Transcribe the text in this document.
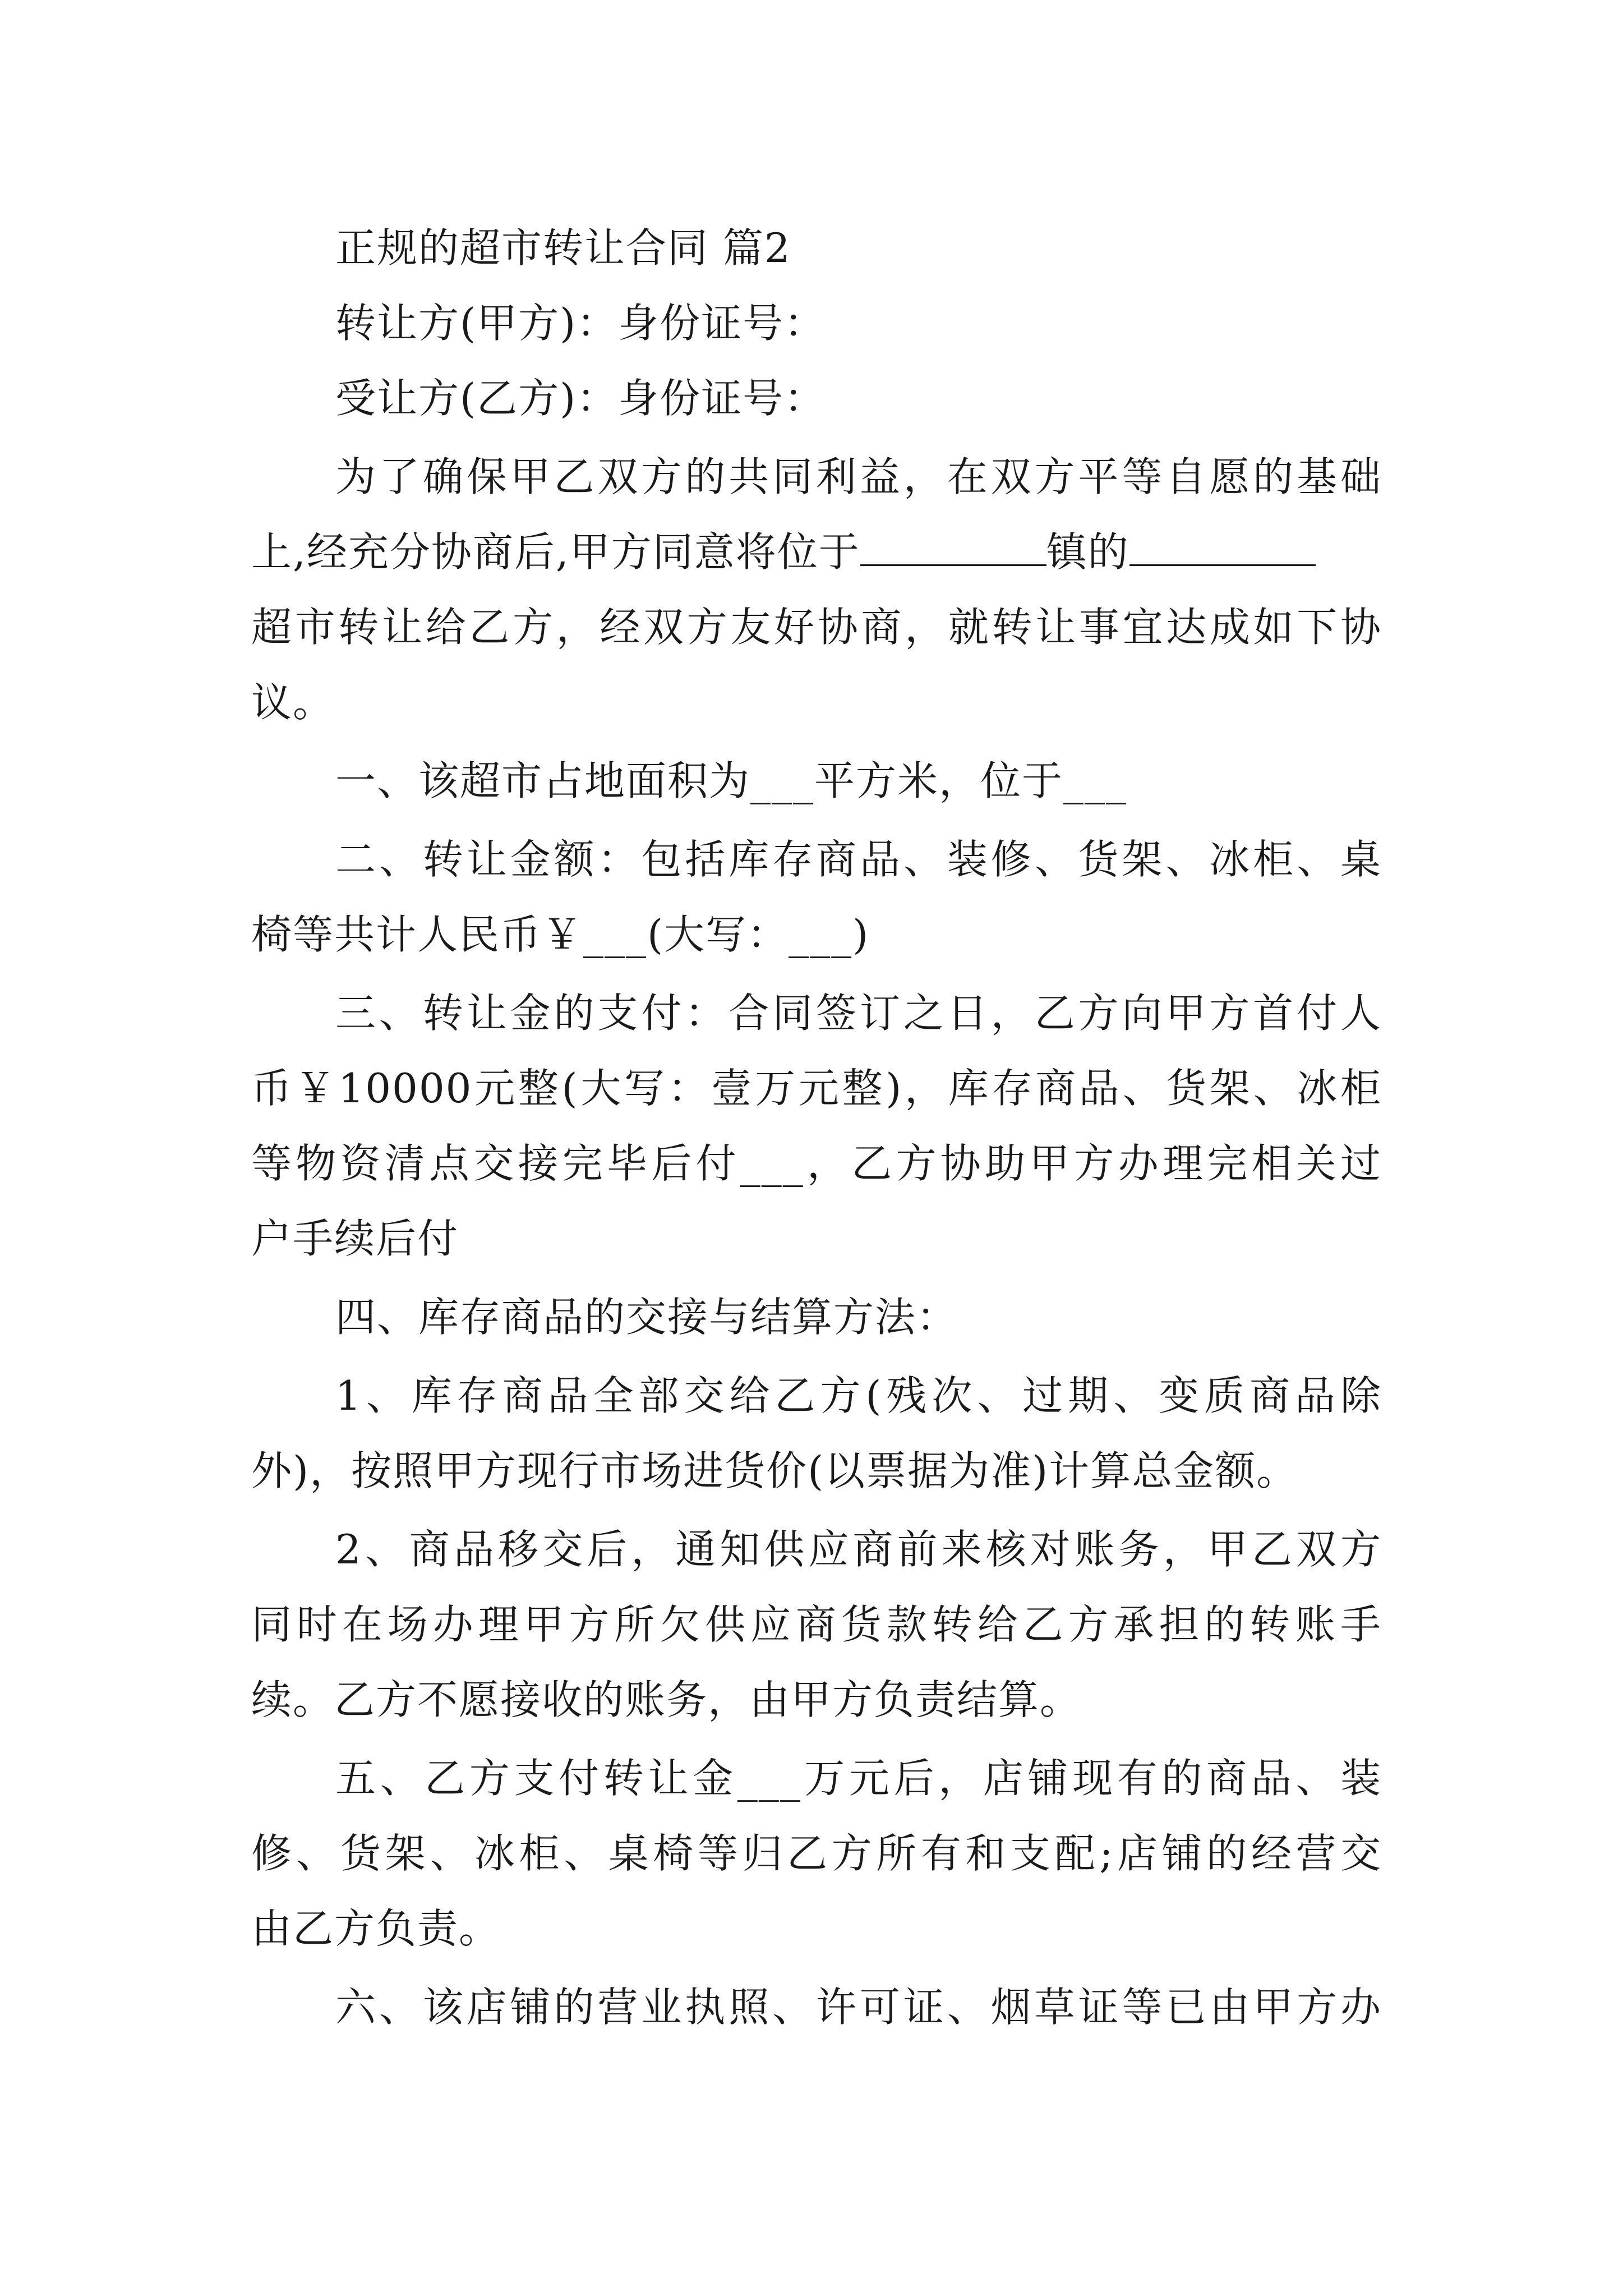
正规的超市转让合同 篇2
转让方(甲方)：身份证号：
受让方(乙方)：身份证号：
为了确保甲乙双方的共同利益，在双方平等自愿的基础
上,经充分协商后,甲方同意将位于	镇的
超市转让给乙方，经双方友好协商，就转让事宜达成如下协
议。
一、该超市占地面积为___平方米，位于___
二、转让金额：包括库存商品、装修、货架、冰柜、桌
椅等共计人民币￥___(大写：___)
三、转让金的支付：合同签订之日，乙方向甲方首付人
币￥10000元整(大写：壹万元整)，库存商品、货架、冰柜
等物资清点交接完毕后付___，乙方协助甲方办理完相关过
户手续后付
四、库存商品的交接与结算方法：
1、库存商品全部交给乙方(残次、过期、变质商品除
外)，按照甲方现行市场进货价(以票据为准)计算总金额。
2、商品移交后，通知供应商前来核对账务，甲乙双方
同时在场办理甲方所欠供应商货款转给乙方承担的转账手
续。乙方不愿接收的账务，由甲方负责结算。
五、乙方支付转让金___万元后，店铺现有的商品、装
修、货架、冰柜、桌椅等归乙方所有和支配;店铺的经营交
由乙方负责。
六、该店铺的营业执照、许可证、烟草证等已由甲方办
